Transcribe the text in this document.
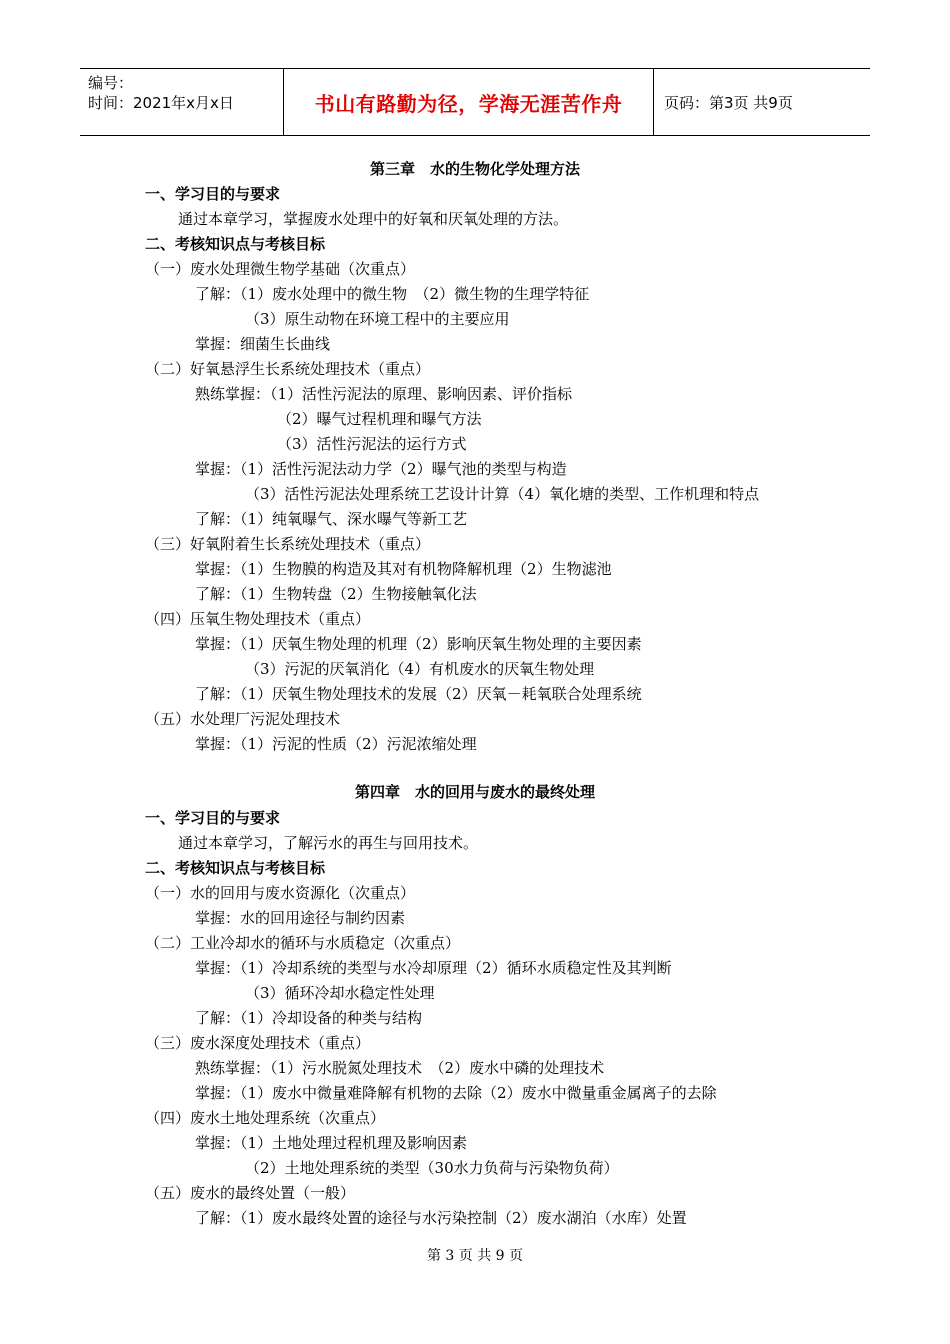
编号：
时间：2021年x月x日	书山有路勤为径，学海无涯苦作舟	页码：第3页 共9页
第三章　水的生物化学处理方法
一、学习目的与要求
通过本章学习，掌握废水处理中的好氧和厌氧处理的方法。
二、考核知识点与考核目标
（一）废水处理微生物学基础（次重点）
了解：（1）废水处理中的微生物　（2）微生物的生理学特征
（3）原生动物在环境工程中的主要应用
掌握：细菌生长曲线
（二）好氧悬浮生长系统处理技术（重点）
熟练掌握：（1）活性污泥法的原理、影响因素、评价指标
（2）曝气过程机理和曝气方法
（3）活性污泥法的运行方式
掌握：（1）活性污泥法动力学（2）曝气池的类型与构造
（3）活性污泥法处理系统工艺设计计算（4）氧化塘的类型、工作机理和特点
了解：（1）纯氧曝气、深水曝气等新工艺
（三）好氧附着生长系统处理技术（重点）
掌握：（1）生物膜的构造及其对有机物降解机理（2）生物滤池
了解：（1）生物转盘（2）生物接触氧化法
（四）压氧生物处理技术（重点）
掌握：（1）厌氧生物处理的机理（2）影响厌氧生物处理的主要因素
（3）污泥的厌氧消化（4）有机废水的厌氧生物处理
了解：（1）厌氧生物处理技术的发展（2）厌氧－耗氧联合处理系统
（五）水处理厂污泥处理技术
掌握：（1）污泥的性质（2）污泥浓缩处理
第四章　水的回用与废水的最终处理
一、学习目的与要求
通过本章学习，了解污水的再生与回用技术。
二、考核知识点与考核目标
（一）水的回用与废水资源化（次重点）
掌握：水的回用途径与制约因素
（二）工业冷却水的循环与水质稳定（次重点）
掌握：（1）冷却系统的类型与水冷却原理（2）循环水质稳定性及其判断
（3）循环冷却水稳定性处理
了解：（1）冷却设备的种类与结构
（三）废水深度处理技术（重点）
熟练掌握：（1）污水脱氮处理技术　（2）废水中磷的处理技术
掌握：（1）废水中微量难降解有机物的去除（2）废水中微量重金属离子的去除
（四）废水土地处理系统（次重点）
掌握：（1）土地处理过程机理及影响因素
（2）土地处理系统的类型（30水力负荷与污染物负荷）
（五）废水的最终处置（一般）
了解：（1）废水最终处置的途径与水污染控制（2）废水湖泊（水库）处置
第 3 页 共 9 页
